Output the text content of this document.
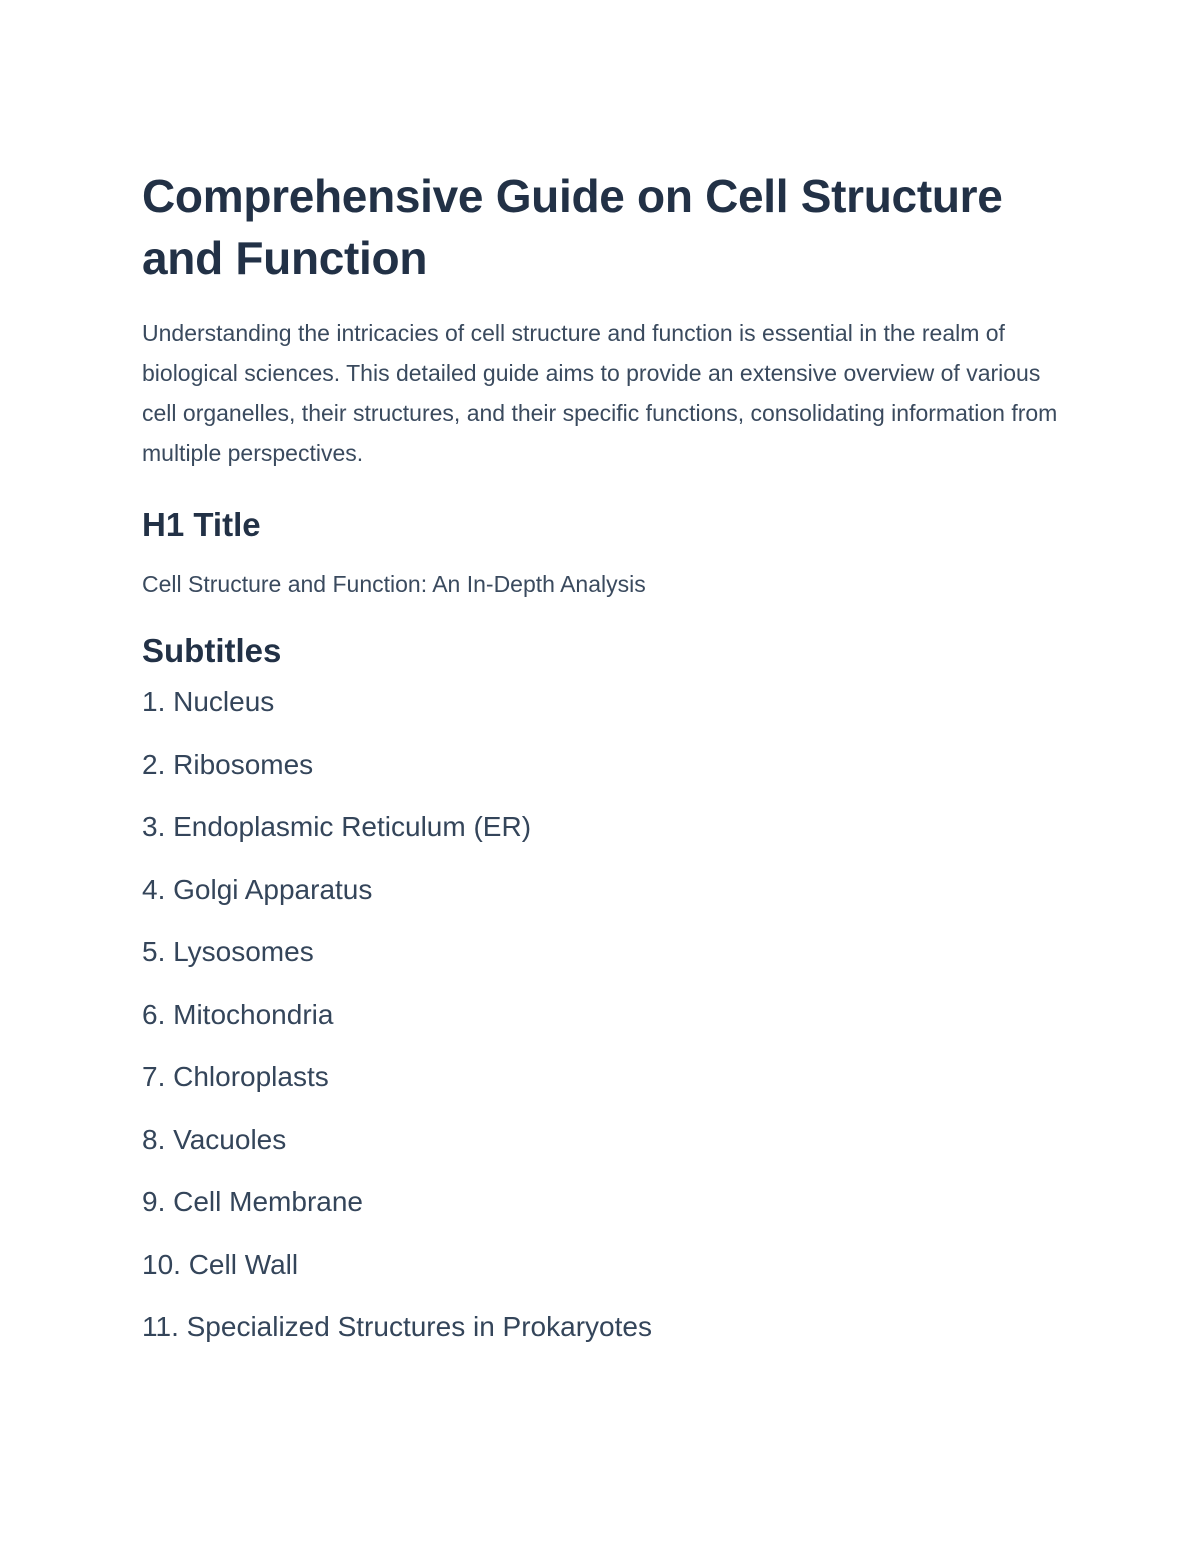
Comprehensive Guide on Cell Structure and Function

Understanding the intricacies of cell structure and function is essential in the realm of biological sciences. This detailed guide aims to provide an extensive overview of various cell organelles, their structures, and their specific functions, consolidating information from multiple perspectives.

H1 Title

Cell Structure and Function: An In-Depth Analysis

Subtitles
1. Nucleus
2. Ribosomes
3. Endoplasmic Reticulum (ER)
4. Golgi Apparatus
5. Lysosomes
6. Mitochondria
7. Chloroplasts
8. Vacuoles
9. Cell Membrane
10. Cell Wall
11. Specialized Structures in Prokaryotes
